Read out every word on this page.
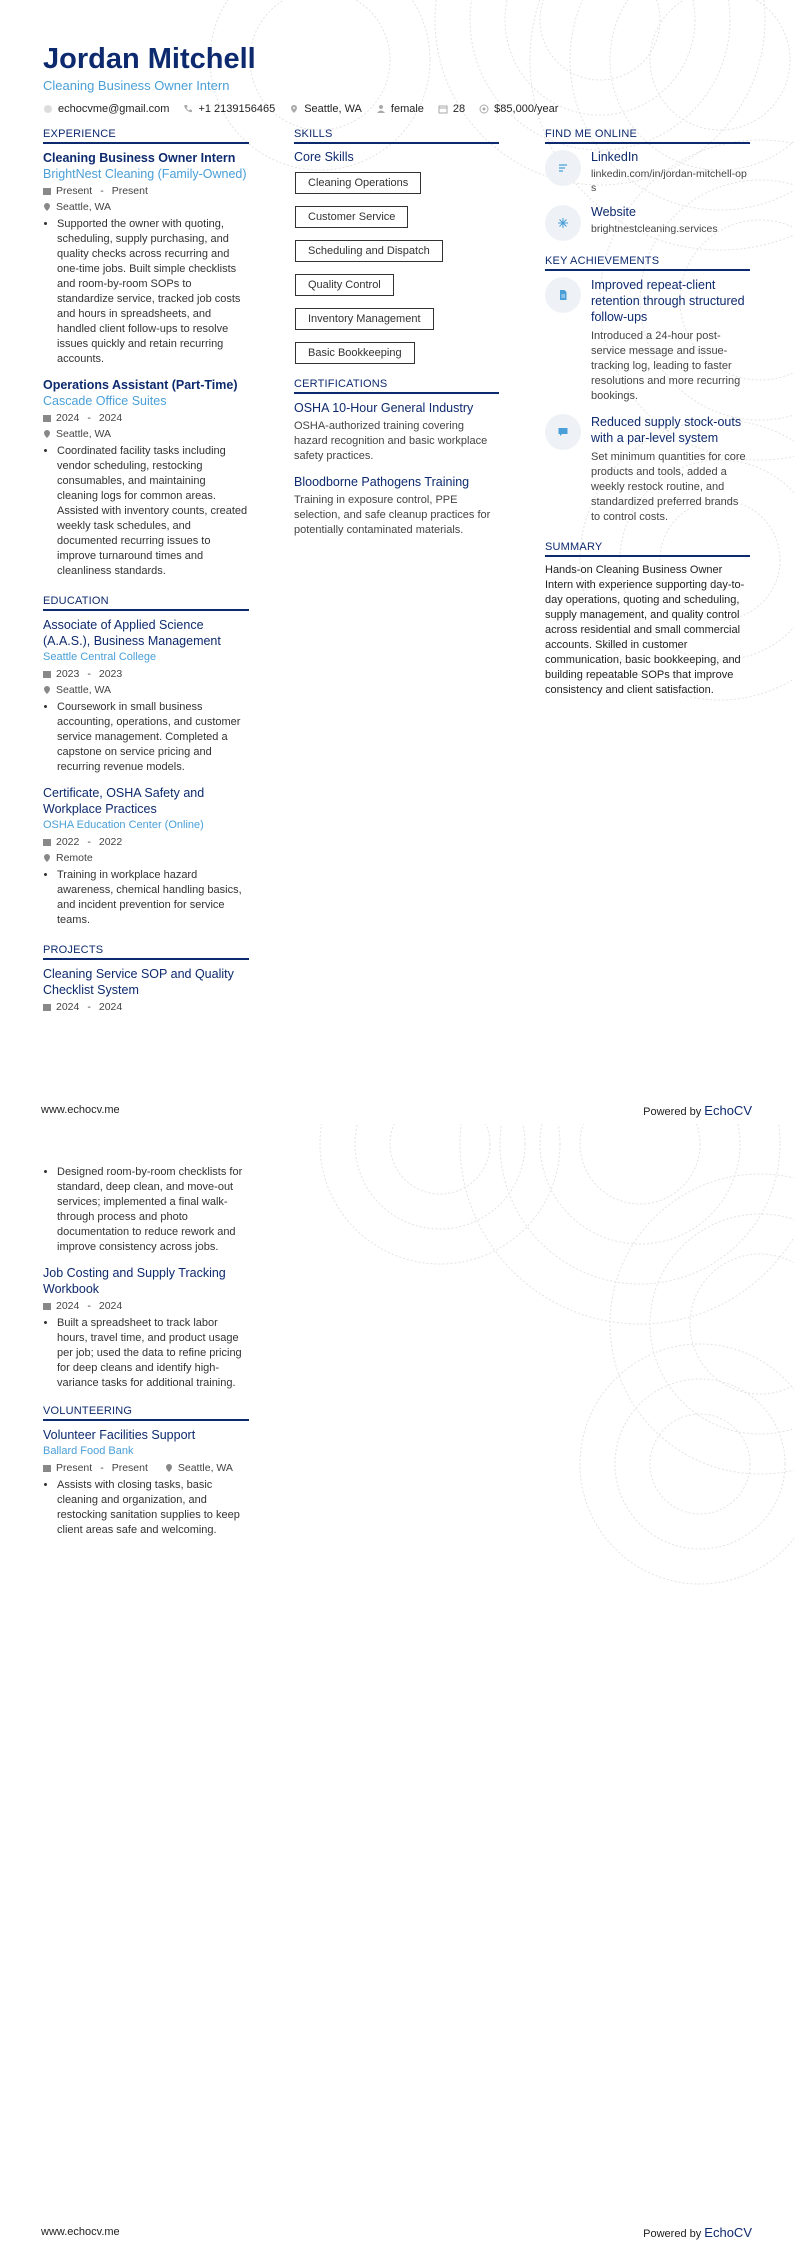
Jordan Mitchell
Cleaning Business Owner Intern
echocvme@gmail.com	+1 2139156465	Seattle, WA	female	28	$85,000/year
EXPERIENCE
Cleaning Business Owner Intern
BrightNest Cleaning (Family-Owned)
Present - Present
Seattle, WA
• Supported the owner with quoting, scheduling, supply purchasing, and quality checks across recurring and one-time jobs. Built simple checklists and room-by-room SOPs to standardize service, tracked job costs and hours in spreadsheets, and handled client follow-ups to resolve issues quickly and retain recurring accounts.
Operations Assistant (Part-Time)
Cascade Office Suites
2024 - 2024
Seattle, WA
• Coordinated facility tasks including vendor scheduling, restocking consumables, and maintaining cleaning logs for common areas. Assisted with inventory counts, created weekly task schedules, and documented recurring issues to improve turnaround times and cleanliness standards.
EDUCATION
Associate of Applied Science (A.A.S.), Business Management
Seattle Central College
2023 - 2023
Seattle, WA
• Coursework in small business accounting, operations, and customer service management. Completed a capstone on service pricing and recurring revenue models.
Certificate, OSHA Safety and Workplace Practices
OSHA Education Center (Online)
2022 - 2022
Remote
• Training in workplace hazard awareness, chemical handling basics, and incident prevention for service teams.
PROJECTS
Cleaning Service SOP and Quality Checklist System
2024 - 2024
SKILLS
Core Skills
Cleaning Operations
Customer Service
Scheduling and Dispatch
Quality Control
Inventory Management
Basic Bookkeeping
CERTIFICATIONS
OSHA 10-Hour General Industry
OSHA-authorized training covering hazard recognition and basic workplace safety practices.
Bloodborne Pathogens Training
Training in exposure control, PPE selection, and safe cleanup practices for potentially contaminated materials.
FIND ME ONLINE
LinkedIn
linkedin.com/in/jordan-mitchell-ops
Website
brightnestcleaning.services
KEY ACHIEVEMENTS
Improved repeat-client retention through structured follow-ups
Introduced a 24-hour post-service message and issue-tracking log, leading to faster resolutions and more recurring bookings.
Reduced supply stock-outs with a par-level system
Set minimum quantities for core products and tools, added a weekly restock routine, and standardized preferred brands to control costs.
SUMMARY
Hands-on Cleaning Business Owner Intern with experience supporting day-to-day operations, quoting and scheduling, supply management, and quality control across residential and small commercial accounts. Skilled in customer communication, basic bookkeeping, and building repeatable SOPs that improve consistency and client satisfaction.
www.echocv.me	Powered by EchoCV
• Designed room-by-room checklists for standard, deep clean, and move-out services; implemented a final walk-through process and photo documentation to reduce rework and improve consistency across jobs.
Job Costing and Supply Tracking Workbook
2024 - 2024
• Built a spreadsheet to track labor hours, travel time, and product usage per job; used the data to refine pricing for deep cleans and identify high-variance tasks for additional training.
VOLUNTEERING
Volunteer Facilities Support
Ballard Food Bank
Present - Present	Seattle, WA
• Assists with closing tasks, basic cleaning and organization, and restocking sanitation supplies to keep client areas safe and welcoming.
www.echocv.me	Powered by EchoCV
